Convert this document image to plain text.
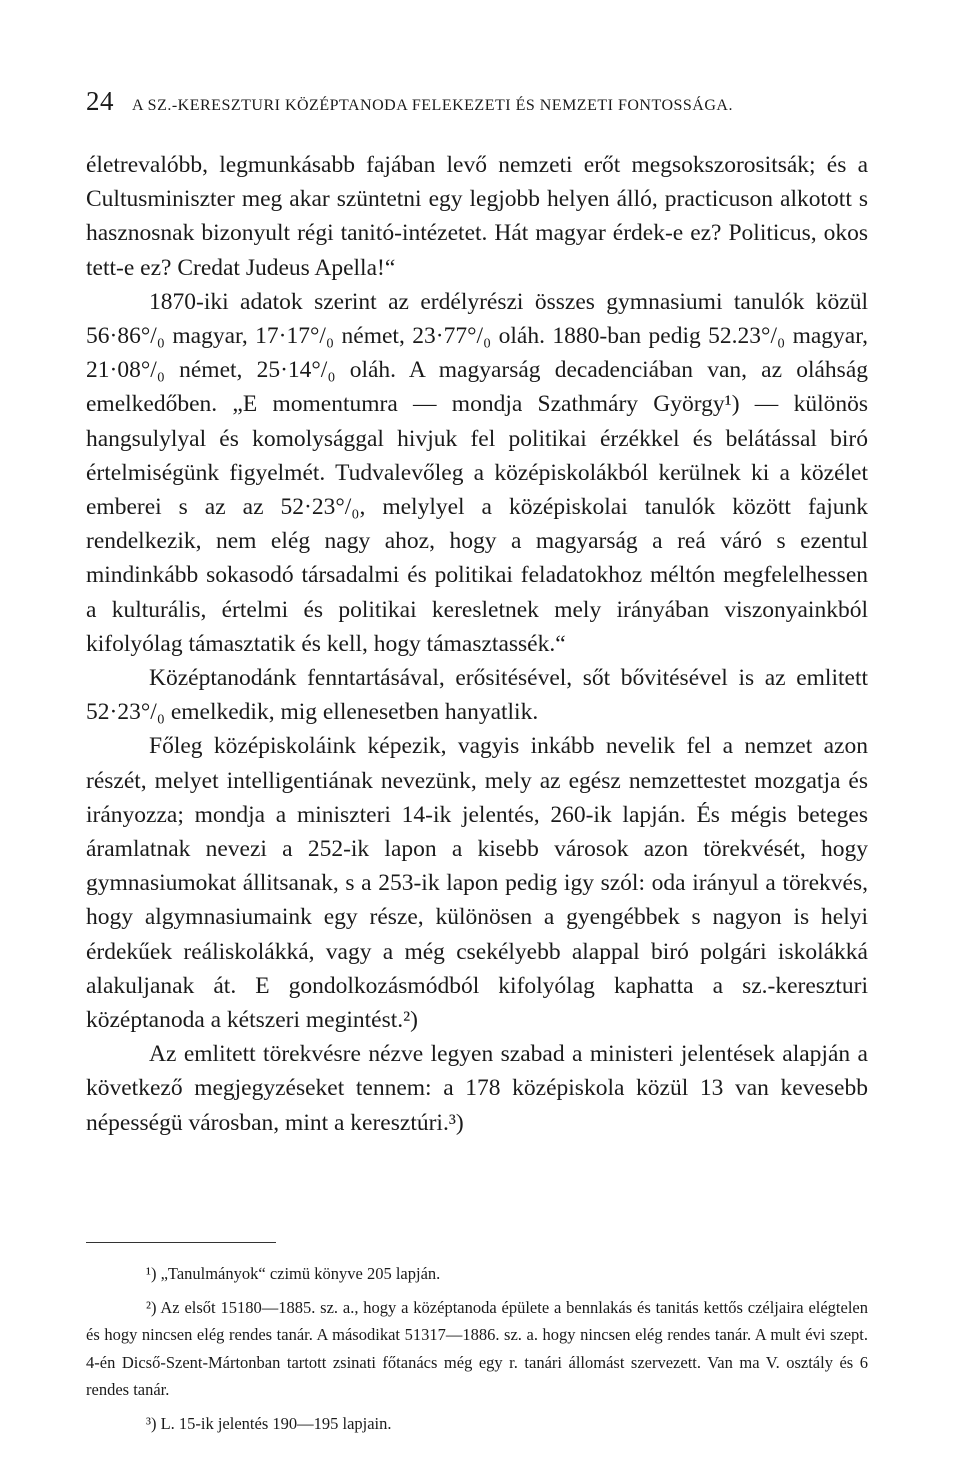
24 A SZ.-KERESZTURI KÖZÉPTANODA FELEKEZETI ÉS NEMZETI FONTOSSÁGA.

életrevalóbb, legmunkásabb fajában levő nemzeti erőt megsokszorositsák; és a Cultusminiszter meg akar szüntetni egy legjobb helyen álló, practicuson alkotott s hasznosnak bizonyult régi tanitó-intézetet. Hát magyar érdek-e ez? Politicus, okos tett-e ez? Credat Judeus Apella!“

1870-iki adatok szerint az erdélyrészi összes gymnasiumi tanulók közül 56·86°/₀ magyar, 17·17°/₀ német, 23·77°/₀ oláh. 1880-ban pedig 52.23°/₀ magyar, 21·08°/₀ német, 25·14°/₀ oláh. A magyarság decadenciában van, az oláhság emelkedőben. „E momentumra — mondja Szathmáry György¹) — különös hangsulylyal és komolysággal hivjuk fel politikai érzékkel és belátással biró értelmiségünk figyelmét. Tudvalevőleg a középiskolákból kerülnek ki a közélet emberei s az az 52·23°/₀, melylyel a középiskolai tanulók között fajunk rendelkezik, nem elég nagy ahoz, hogy a magyarság a reá váró s ezentul mindinkább sokasodó társadalmi és politikai feladatokhoz méltón megfelelhessen a kulturális, értelmi és politikai keresletnek mely irányában viszonyainkból kifolyólag támasztatik és kell, hogy támasztassék.“

Középtanodánk fenntartásával, erősitésével, sőt bővitésével is az emlitett 52·23°/₀ emelkedik, mig ellenesetben hanyatlik.

Főleg középiskoláink képezik, vagyis inkább nevelik fel a nemzet azon részét, melyet intelligentiának nevezünk, mely az egész nemzettestet mozgatja és irányozza; mondja a miniszteri 14-ik jelentés, 260-ik lapján. És mégis beteges áramlatnak nevezi a 252-ik lapon a kisebb városok azon törekvését, hogy gymnasiumokat állitsanak, s a 253-ik lapon pedig igy szól: oda irányul a törekvés, hogy algymnasiumaink egy része, különösen a gyengébbek s nagyon is helyi érdekűek reáliskolákká, vagy a még csekélyebb alappal biró polgári iskolákká alakuljanak át. E gondolkozásmódból kifolyólag kaphatta a sz.-kereszturi középtanoda a kétszeri megintést.²)

Az emlitett törekvésre nézve legyen szabad a ministeri jelentések alapján a következő megjegyzéseket tennem: a 178 középiskola közül 13 van kevesebb népességü városban, mint a keresztúri.³)

¹) „Tanulmányok“ czimü könyve 205 lapján.

²) Az elsőt 15180—1885. sz. a., hogy a középtanoda épülete a bennlakás és tanitás kettős czéljaira elégtelen és hogy nincsen elég rendes tanár. A másodikat 51317—1886. sz. a. hogy nincsen elég rendes tanár. A mult évi szept. 4-én Dicső-Szent-Mártonban tartott zsinati főtanács még egy r. tanári állomást szervezett. Van ma V. osztály és 6 rendes tanár.

³) L. 15-ik jelentés 190—195 lapjain.
